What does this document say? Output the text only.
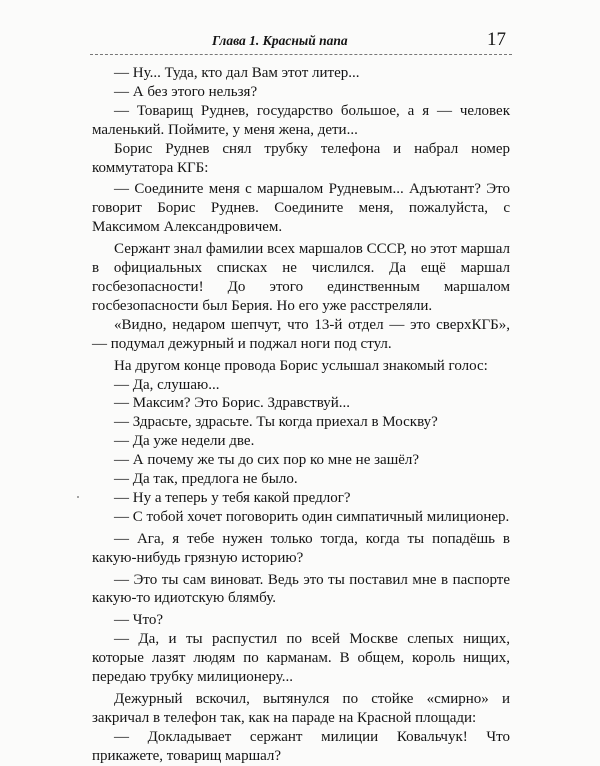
Глава 1. Красный папа	17

— Ну... Туда, кто дал Вам этот литер...

— А без этого нельзя?

— Товарищ Руднев, государство большое, а я — человек маленький. Поймите, у меня жена, дети...

Борис Руднев снял трубку телефона и набрал номер коммутатора КГБ:

— Соедините меня с маршалом Рудневым... Адъютант? Это говорит Борис Руднев. Соедините меня, пожалуйста, с Максимом Александровичем.

Сержант знал фамилии всех маршалов СССР, но этот маршал в официальных списках не числился. Да ещё маршал госбезопасности! До этого единственным маршалом госбезопасности был Берия. Но его уже расстреляли.

«Видно, недаром шепчут, что 13-й отдел — это сверхКГБ», — подумал дежурный и поджал ноги под стул.

На другом конце провода Борис услышал знакомый голос:

— Да, слушаю...

— Максим? Это Борис. Здравствуй...

— Здрасьте, здрасьте. Ты когда приехал в Москву?

— Да уже недели две.

— А почему же ты до сих пор ко мне не зашёл?

— Да так, предлога не было.

— Ну а теперь у тебя какой предлог?

— С тобой хочет поговорить один симпатичный милиционер.

— Ага, я тебе нужен только тогда, когда ты попадёшь в какую-нибудь грязную историю?

— Это ты сам виноват. Ведь это ты поставил мне в паспорте какую-то идиотскую блямбу.

— Что?

— Да, и ты распустил по всей Москве слепых нищих, которые лазят людям по карманам. В общем, король нищих, передаю трубку милиционеру...

Дежурный вскочил, вытянулся по стойке «смирно» и закричал в телефон так, как на параде на Красной площади:

— Докладывает сержант милиции Ковальчук! Что прикажете, товарищ маршал?
